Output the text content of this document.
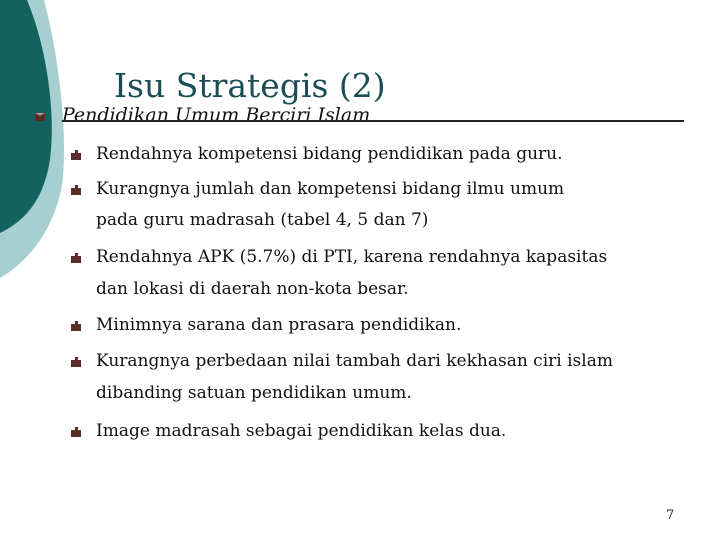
Isu Strategis (2)
Pendidikan Umum Berciri Islam
Rendahnya kompetensi bidang pendidikan pada guru.
Kurangnya jumlah dan kompetensi bidang ilmu umum
pada guru madrasah (tabel 4, 5 dan 7)
Rendahnya APK (5.7%) di PTI, karena rendahnya kapasitas
dan lokasi di daerah non-kota besar.
Minimnya sarana dan prasara pendidikan.
Kurangnya perbedaan nilai tambah dari kekhasan ciri islam
dibanding satuan pendidikan umum.
Image madrasah sebagai pendidikan kelas dua.
7
